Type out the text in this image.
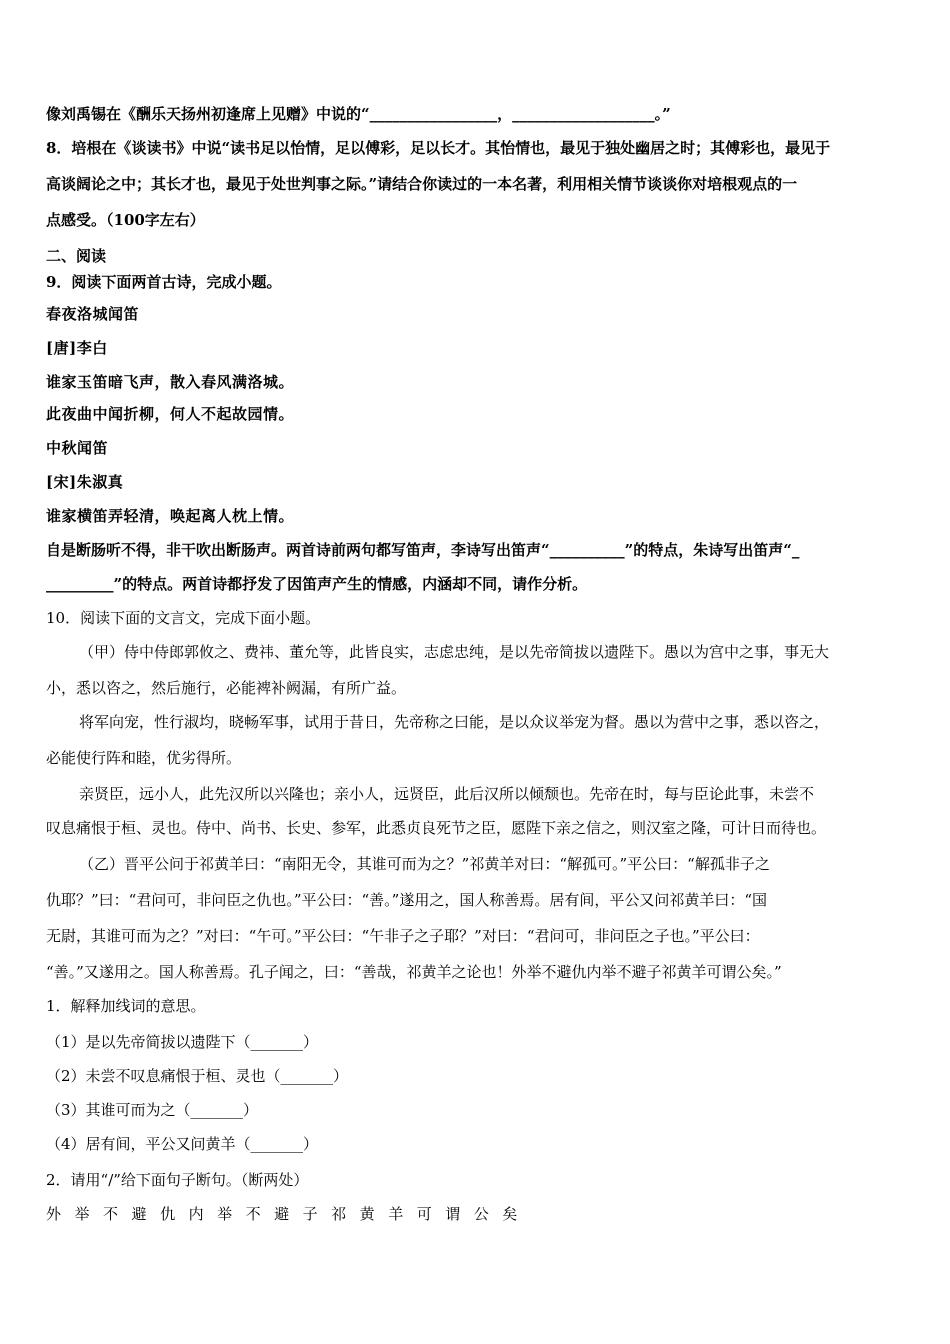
像刘禹锡在《酬乐天扬州初逢席上见赠》中说的“_________________，___________________。”
8．培根在《谈读书》中说“读书足以怡情，足以傅彩，足以长才。其怡情也，最见于独处幽居之时；其傅彩也，最见于
高谈阔论之中；其长才也，最见于处世判事之际。”请结合你读过的一本名著，利用相关情节谈谈你对培根观点的一
点感受。（100字左右）
二、阅读
9．阅读下面两首古诗，完成小题。
春夜洛城闻笛
[唐]李白
谁家玉笛暗飞声，散入春风满洛城。
此夜曲中闻折柳，何人不起故园情。
中秋闻笛
[宋]朱淑真
谁家横笛弄轻清，唤起离人枕上情。
自是断肠听不得，非干吹出断肠声。两首诗前两句都写笛声，李诗写出笛声“__________”的特点，朱诗写出笛声“_
_________”的特点。两首诗都抒发了因笛声产生的情感，内涵却不同，请作分析。
10．阅读下面的文言文，完成下面小题。
（甲）侍中侍郎郭攸之、费祎、董允等，此皆良实，志虑忠纯，是以先帝简拔以遗陛下。愚以为宫中之事，事无大
小，悉以咨之，然后施行，必能裨补阙漏，有所广益。
将军向宠，性行淑均，晓畅军事，试用于昔日，先帝称之曰能，是以众议举宠为督。愚以为营中之事，悉以咨之，
必能使行阵和睦，优劣得所。
亲贤臣，远小人，此先汉所以兴隆也；亲小人，远贤臣，此后汉所以倾颓也。先帝在时，每与臣论此事，未尝不
叹息痛恨于桓、灵也。侍中、尚书、长史、参军，此悉贞良死节之臣，愿陛下亲之信之，则汉室之隆，可计日而待也。
（乙）晋平公问于祁黄羊曰：“南阳无令，其谁可而为之？”祁黄羊对曰：“解孤可。”平公曰：“解孤非子之
仇耶？”曰：“君问可，非问臣之仇也。”平公曰：“善。”遂用之，国人称善焉。居有间，平公又问祁黄羊曰：“国
无尉，其谁可而为之？”对曰：“午可。”平公曰：“午非子之子耶？”对曰：“君问可，非问臣之子也。”平公曰：
“善。”又遂用之。国人称善焉。孔子闻之，曰：“善哉，祁黄羊之论也！外举不避仇内举不避子祁黄羊可谓公矣。”
1．解释加线词的意思。
（1）是以先帝简拔以遗陛下（_______）
（2）未尝不叹息痛恨于桓、灵也（_______）
（3）其谁可而为之（_______）
（4）居有间，平公又问黄羊（_______）
2．请用“/”给下面句子断句。（断两处）
外 举 不 避 仇 内 举 不 避 子 祁 黄 羊 可 谓 公 矣
